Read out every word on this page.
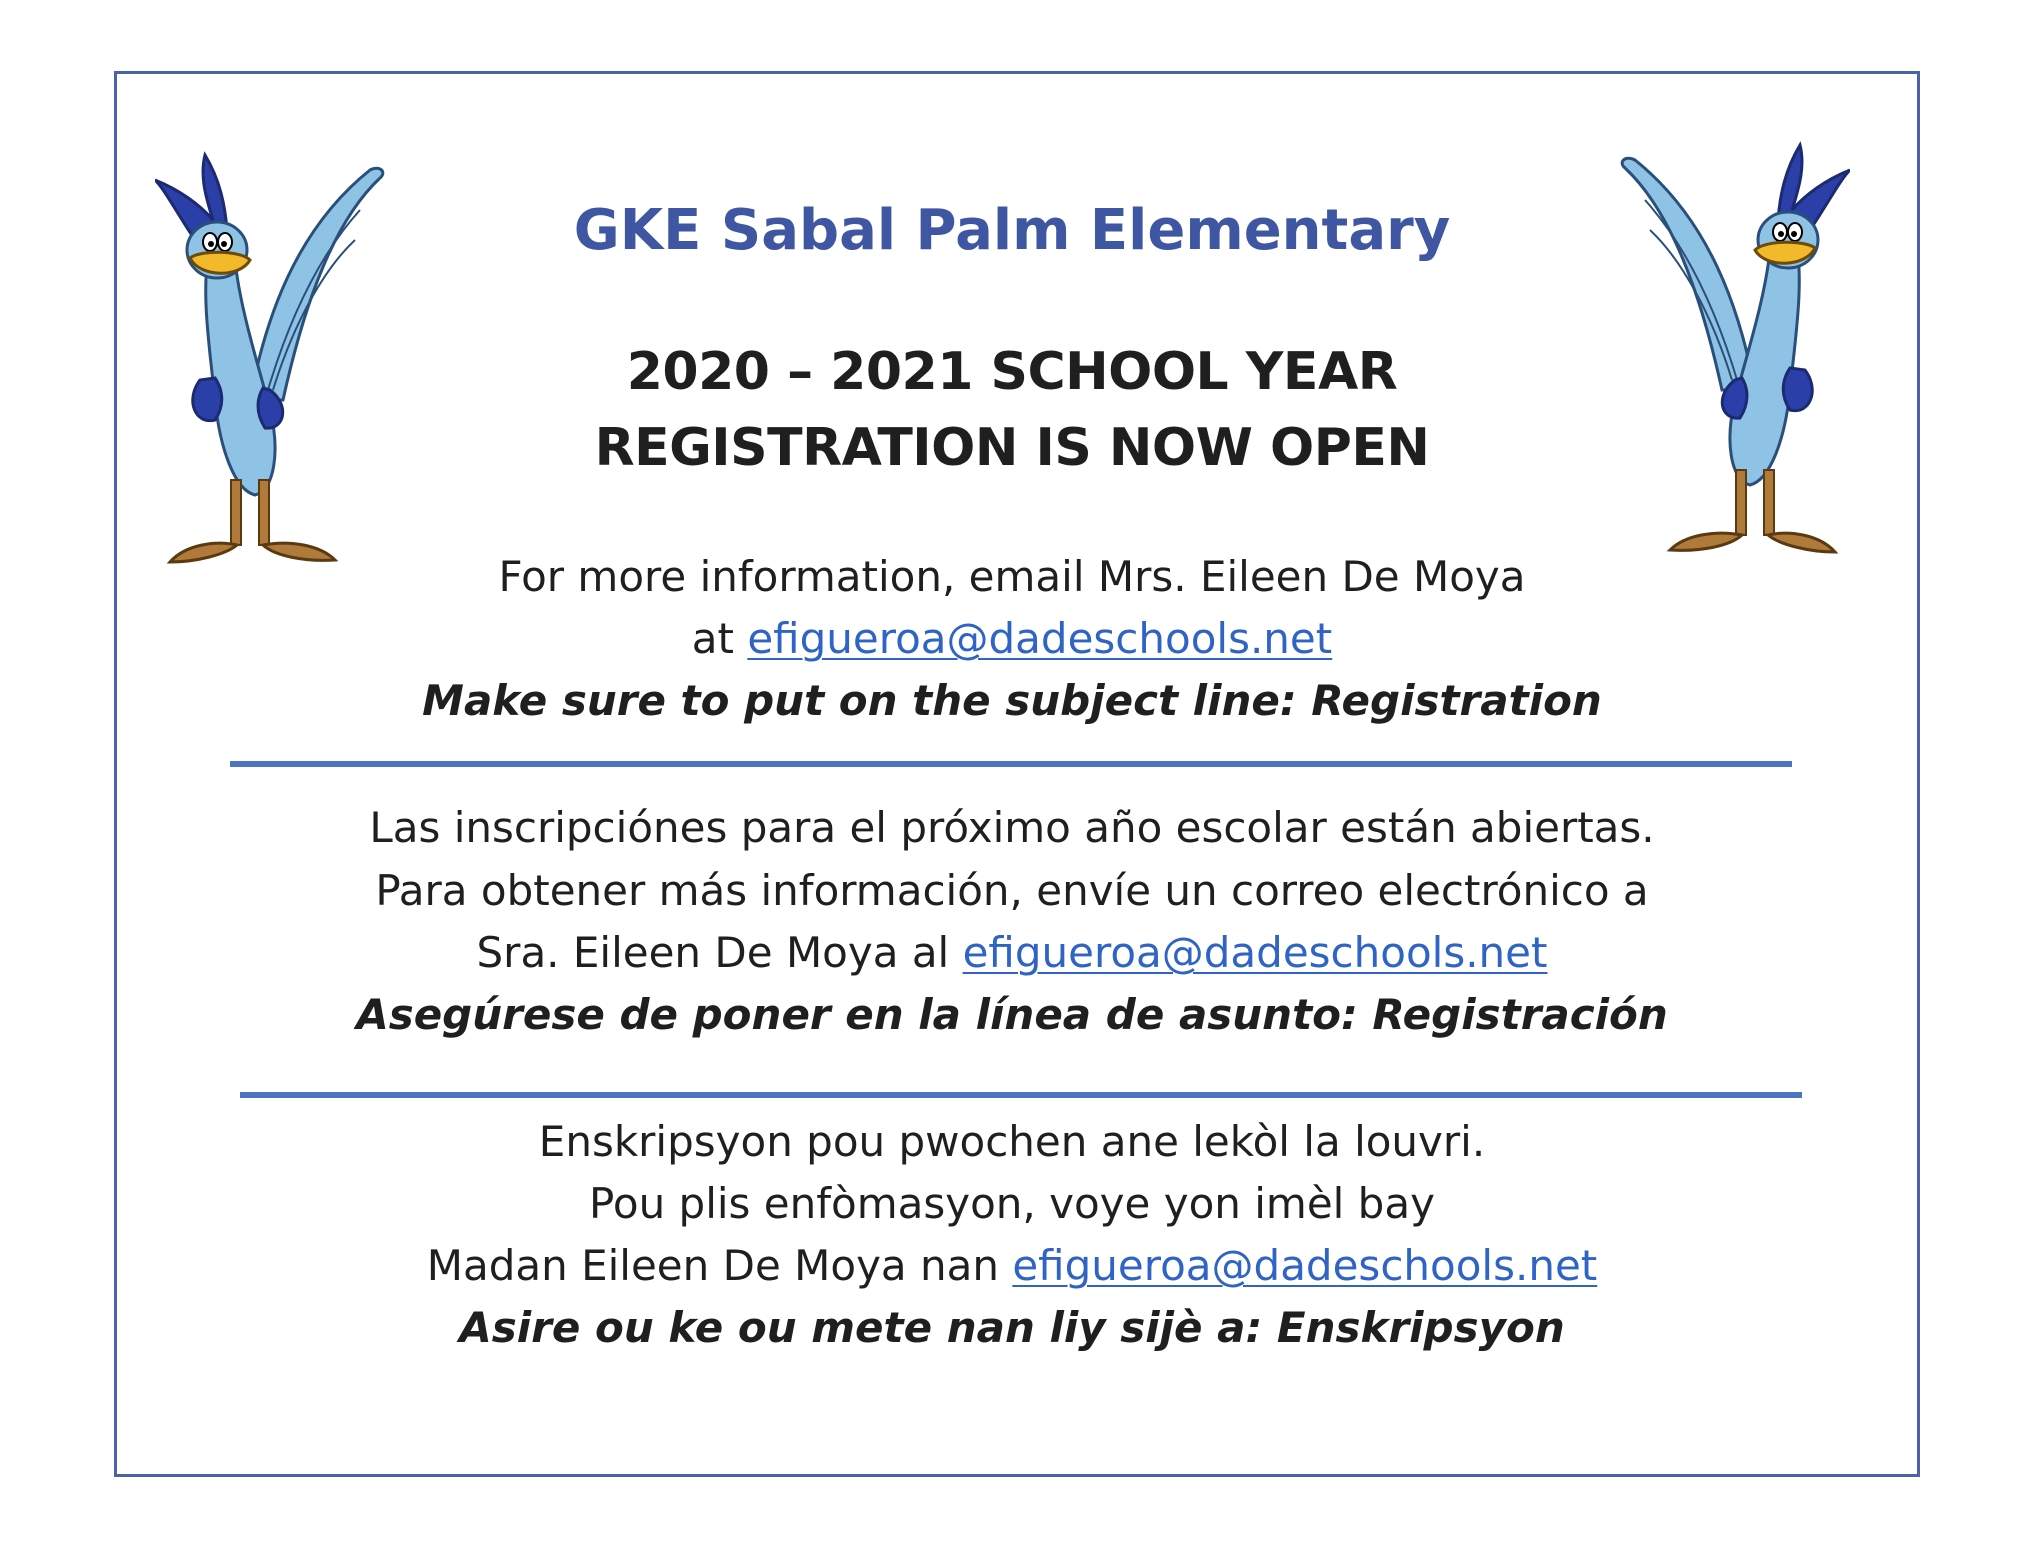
GKE Sabal Palm Elementary
2020 – 2021 SCHOOL YEAR
REGISTRATION IS NOW OPEN
For more information, email Mrs. Eileen De Moya
at efigueroa@dadeschools.net
Make sure to put on the subject line: Registration
Las inscripciónes para el próximo año escolar están abiertas.
Para obtener más información, envíe un correo electrónico a
Sra. Eileen De Moya al efigueroa@dadeschools.net
Asegúrese de poner en la línea de asunto: Registración
Enskripsyon pou pwochen ane lekòl la louvri.
Pou plis enfòmasyon, voye yon imèl bay
Madan Eileen De Moya nan efigueroa@dadeschools.net
Asire ou ke ou mete nan liy sijè a: Enskripsyon
